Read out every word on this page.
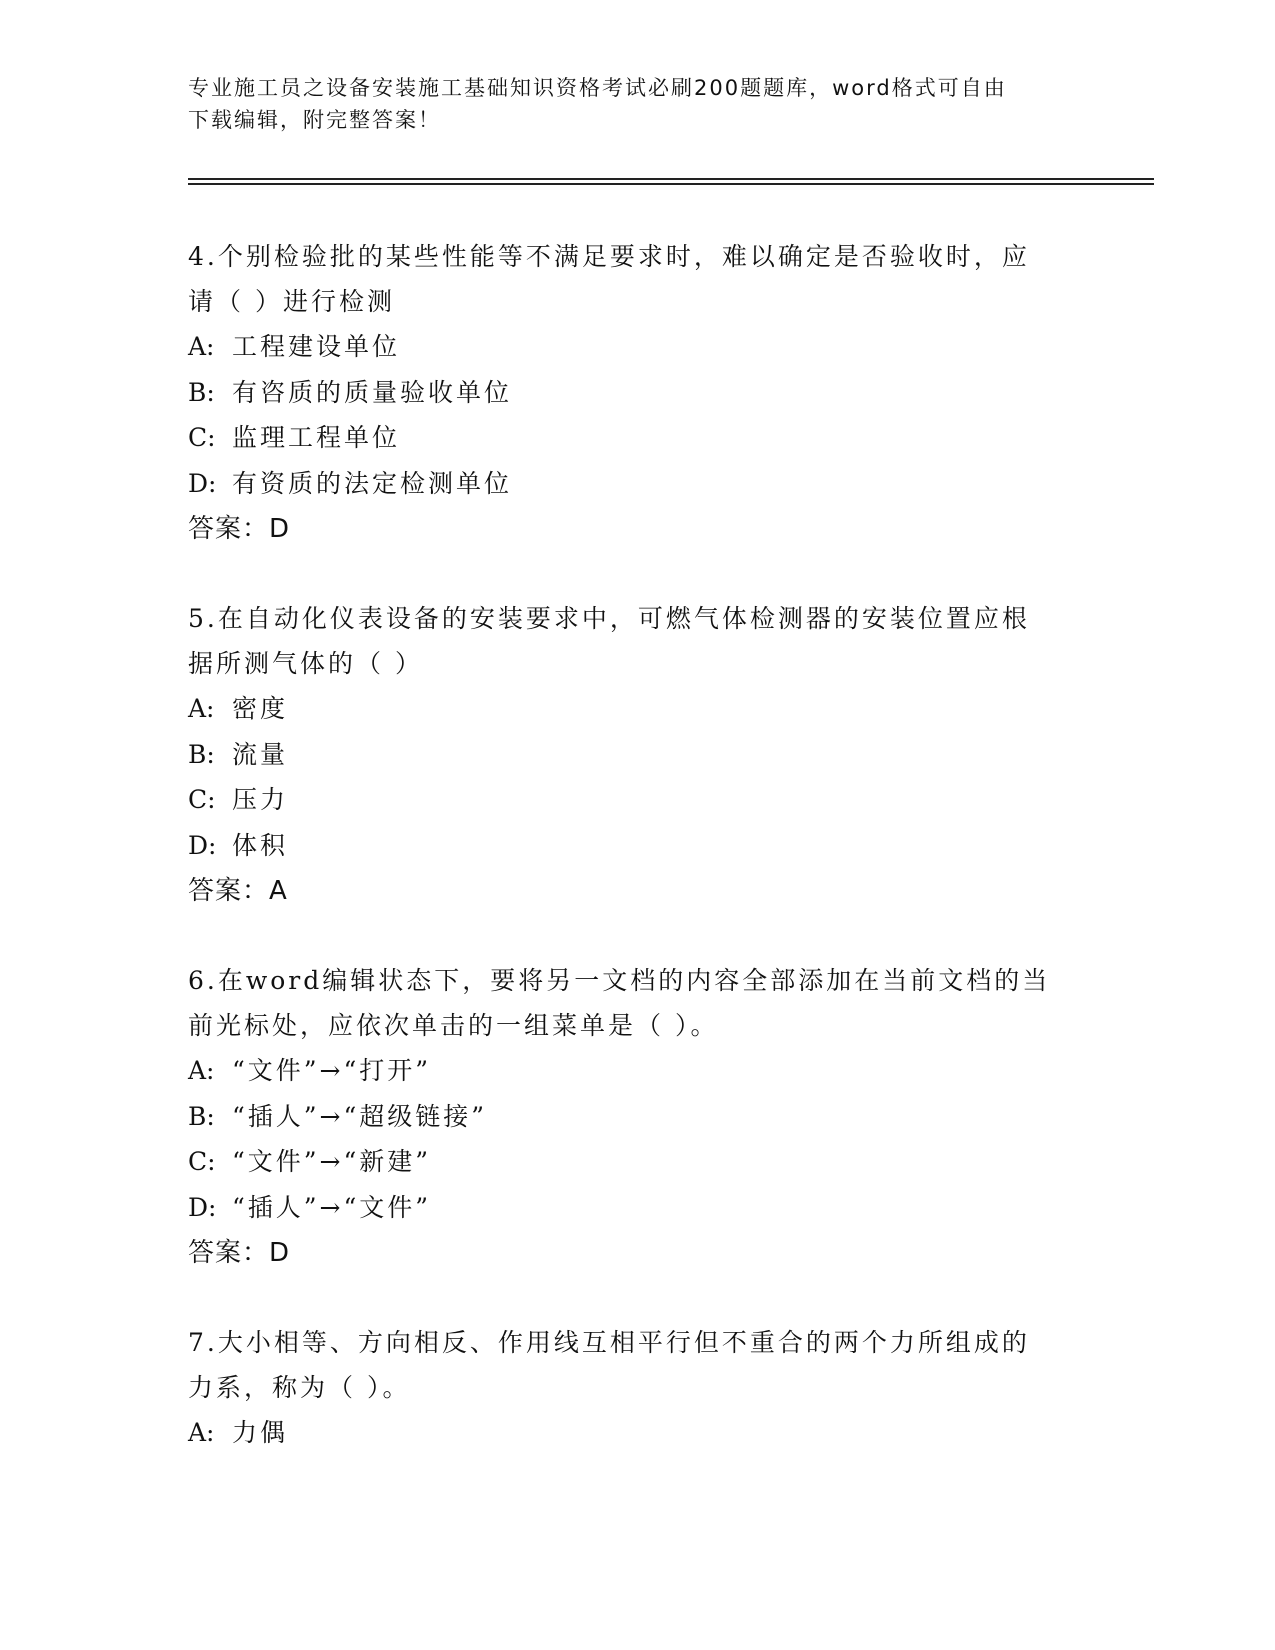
专业施工员之设备安装施工基础知识资格考试必刷200题题库，word格式可自由
下载编辑，附完整答案！
4.个别检验批的某些性能等不满足要求时，难以确定是否验收时，应
请（ ）进行检测
A: 工程建设单位
B: 有咨质的质量验收单位
C: 监理工程单位
D: 有资质的法定检测单位
答案：D
5.在自动化仪表设备的安装要求中，可燃气体检测器的安装位置应根
据所测气体的（ ）
A: 密度
B: 流量
C: 压力
D: 体积
答案：A
6.在word编辑状态下，要将另一文档的内容全部添加在当前文档的当
前光标处，应依次单击的一组菜单是（ ）。
A: “文件”→“打开”
B: “插人”→“超级链接”
C: “文件”→“新建”
D: “插人”→“文件”
答案：D
7.大小相等、方向相反、作用线互相平行但不重合的两个力所组成的
力系，称为（ ）。
A: 力偶
